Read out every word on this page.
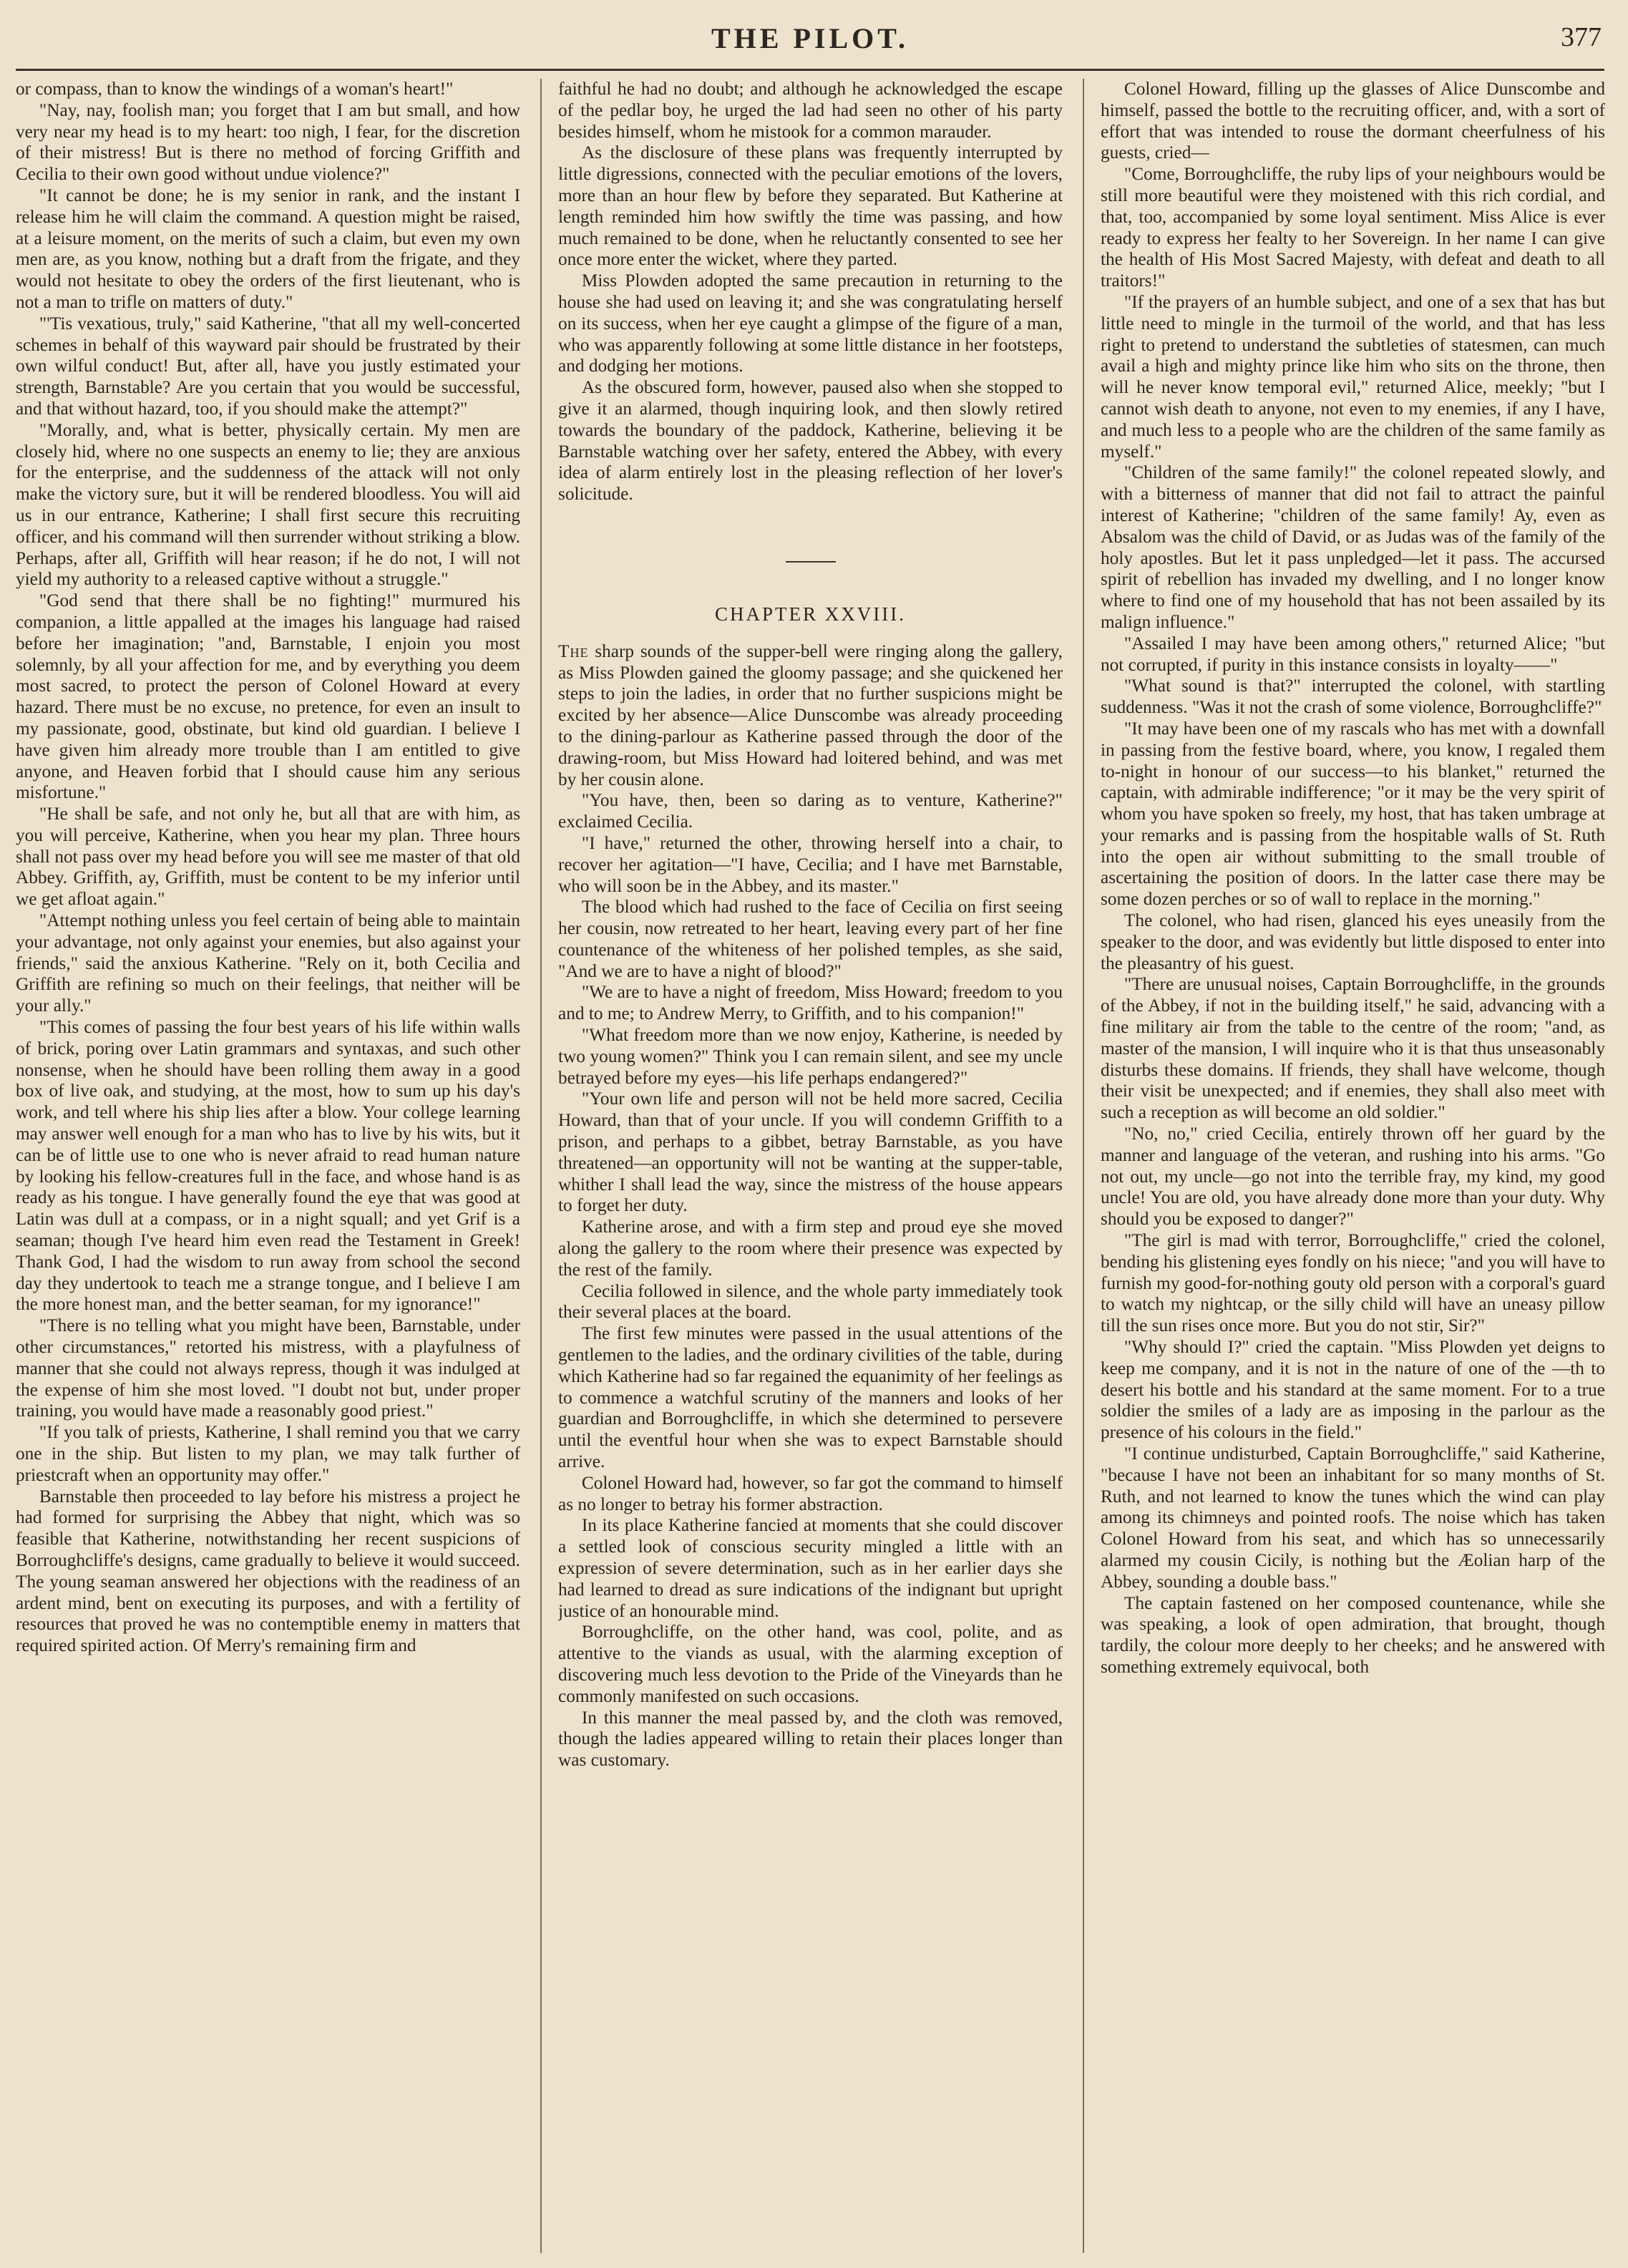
THE PILOT.	377

or compass, than to know the windings of a woman's heart!"

"Nay, nay, foolish man; you forget that I am but small, and how very near my head is to my heart: too nigh, I fear, for the discretion of their mistress! But is there no method of forcing Griffith and Cecilia to their own good without undue violence?"

"It cannot be done; he is my senior in rank, and the instant I release him he will claim the command. A question might be raised, at a leisure moment, on the merits of such a claim, but even my own men are, as you know, nothing but a draft from the frigate, and they would not hesitate to obey the orders of the first lieutenant, who is not a man to trifle on matters of duty."

"'Tis vexatious, truly," said Katherine, "that all my well-concerted schemes in behalf of this wayward pair should be frustrated by their own wilful conduct! But, after all, have you justly estimated your strength, Barnstable? Are you certain that you would be successful, and that without hazard, too, if you should make the attempt?"

"Morally, and, what is better, physically certain. My men are closely hid, where no one suspects an enemy to lie; they are anxious for the enterprise, and the suddenness of the attack will not only make the victory sure, but it will be rendered bloodless. You will aid us in our entrance, Katherine; I shall first secure this recruiting officer, and his command will then surrender without striking a blow. Perhaps, after all, Griffith will hear reason; if he do not, I will not yield my authority to a released captive without a struggle."

"God send that there shall be no fighting!" murmured his companion, a little appalled at the images his language had raised before her imagination; "and, Barnstable, I enjoin you most solemnly, by all your affection for me, and by everything you deem most sacred, to protect the person of Colonel Howard at every hazard. There must be no excuse, no pretence, for even an insult to my passionate, good, obstinate, but kind old guardian. I believe I have given him already more trouble than I am entitled to give anyone, and Heaven forbid that I should cause him any serious misfortune."

"He shall be safe, and not only he, but all that are with him, as you will perceive, Katherine, when you hear my plan. Three hours shall not pass over my head before you will see me master of that old Abbey. Griffith, ay, Griffith, must be content to be my inferior until we get afloat again."

"Attempt nothing unless you feel certain of being able to maintain your advantage, not only against your enemies, but also against your friends," said the anxious Katherine. "Rely on it, both Cecilia and Griffith are refining so much on their feelings, that neither will be your ally."

"This comes of passing the four best years of his life within walls of brick, poring over Latin grammars and syntaxas, and such other nonsense, when he should have been rolling them away in a good box of live oak, and studying, at the most, how to sum up his day's work, and tell where his ship lies after a blow. Your college learning may answer well enough for a man who has to live by his wits, but it can be of little use to one who is never afraid to read human nature by looking his fellow-creatures full in the face, and whose hand is as ready as his tongue. I have generally found the eye that was good at Latin was dull at a compass, or in a night squall; and yet Grif is a seaman; though I've heard him even read the Testament in Greek! Thank God, I had the wisdom to run away from school the second day they undertook to teach me a strange tongue, and I believe I am the more honest man, and the better seaman, for my ignorance!"

"There is no telling what you might have been, Barnstable, under other circumstances," retorted his mistress, with a playfulness of manner that she could not always repress, though it was indulged at the expense of him she most loved. "I doubt not but, under proper training, you would have made a reasonably good priest."

"If you talk of priests, Katherine, I shall remind you that we carry one in the ship. But listen to my plan, we may talk further of priestcraft when an opportunity may offer."

Barnstable then proceeded to lay before his mistress a project he had formed for surprising the Abbey that night, which was so feasible that Katherine, notwithstanding her recent suspicions of Borroughcliffe's designs, came gradually to believe it would succeed. The young seaman answered her objections with the readiness of an ardent mind, bent on executing its purposes, and with a fertility of resources that proved he was no contemptible enemy in matters that required spirited action. Of Merry's remaining firm and

faithful he had no doubt; and although he acknowledged the escape of the pedlar boy, he urged the lad had seen no other of his party besides himself, whom he mistook for a common marauder.

As the disclosure of these plans was frequently interrupted by little digressions, connected with the peculiar emotions of the lovers, more than an hour flew by before they separated. But Katherine at length reminded him how swiftly the time was passing, and how much remained to be done, when he reluctantly consented to see her once more enter the wicket, where they parted.

Miss Plowden adopted the same precaution in returning to the house she had used on leaving it; and she was congratulating herself on its success, when her eye caught a glimpse of the figure of a man, who was apparently following at some little distance in her footsteps, and dodging her motions.

As the obscured form, however, paused also when she stopped to give it an alarmed, though inquiring look, and then slowly retired towards the boundary of the paddock, Katherine, believing it be Barnstable watching over her safety, entered the Abbey, with every idea of alarm entirely lost in the pleasing reflection of her lover's solicitude.

CHAPTER XXVIII.

The sharp sounds of the supper-bell were ringing along the gallery, as Miss Plowden gained the gloomy passage; and she quickened her steps to join the ladies, in order that no further suspicions might be excited by her absence—Alice Dunscombe was already proceeding to the dining-parlour as Katherine passed through the door of the drawing-room, but Miss Howard had loitered behind, and was met by her cousin alone.

"You have, then, been so daring as to venture, Katherine?" exclaimed Cecilia.

"I have," returned the other, throwing herself into a chair, to recover her agitation—"I have, Cecilia; and I have met Barnstable, who will soon be in the Abbey, and its master."

The blood which had rushed to the face of Cecilia on first seeing her cousin, now retreated to her heart, leaving every part of her fine countenance of the whiteness of her polished temples, as she said, "And we are to have a night of blood?"

"We are to have a night of freedom, Miss Howard; freedom to you and to me; to Andrew Merry, to Griffith, and to his companion!"

"What freedom more than we now enjoy, Katherine, is needed by two young women?" Think you I can remain silent, and see my uncle betrayed before my eyes—his life perhaps endangered?"

"Your own life and person will not be held more sacred, Cecilia Howard, than that of your uncle. If you will condemn Griffith to a prison, and perhaps to a gibbet, betray Barnstable, as you have threatened—an opportunity will not be wanting at the supper-table, whither I shall lead the way, since the mistress of the house appears to forget her duty.

Katherine arose, and with a firm step and proud eye she moved along the gallery to the room where their presence was expected by the rest of the family.

Cecilia followed in silence, and the whole party immediately took their several places at the board.

The first few minutes were passed in the usual attentions of the gentlemen to the ladies, and the ordinary civilities of the table, during which Katherine had so far regained the equanimity of her feelings as to commence a watchful scrutiny of the manners and looks of her guardian and Borroughcliffe, in which she determined to persevere until the eventful hour when she was to expect Barnstable should arrive.

Colonel Howard had, however, so far got the command to himself as no longer to betray his former abstraction.

In its place Katherine fancied at moments that she could discover a settled look of conscious security mingled a little with an expression of severe determination, such as in her earlier days she had learned to dread as sure indications of the indignant but upright justice of an honourable mind.

Borroughcliffe, on the other hand, was cool, polite, and as attentive to the viands as usual, with the alarming exception of discovering much less devotion to the Pride of the Vineyards than he commonly manifested on such occasions.

In this manner the meal passed by, and the cloth was removed, though the ladies appeared willing to retain their places longer than was customary.

Colonel Howard, filling up the glasses of Alice Dunscombe and himself, passed the bottle to the recruiting officer, and, with a sort of effort that was intended to rouse the dormant cheerfulness of his guests, cried—

"Come, Borroughcliffe, the ruby lips of your neighbours would be still more beautiful were they moistened with this rich cordial, and that, too, accompanied by some loyal sentiment. Miss Alice is ever ready to express her fealty to her Sovereign. In her name I can give the health of His Most Sacred Majesty, with defeat and death to all traitors!"

"If the prayers of an humble subject, and one of a sex that has but little need to mingle in the turmoil of the world, and that has less right to pretend to understand the subtleties of statesmen, can much avail a high and mighty prince like him who sits on the throne, then will he never know temporal evil," returned Alice, meekly; "but I cannot wish death to anyone, not even to my enemies, if any I have, and much less to a people who are the children of the same family as myself."

"Children of the same family!" the colonel repeated slowly, and with a bitterness of manner that did not fail to attract the painful interest of Katherine; "children of the same family! Ay, even as Absalom was the child of David, or as Judas was of the family of the holy apostles. But let it pass unpledged—let it pass. The accursed spirit of rebellion has invaded my dwelling, and I no longer know where to find one of my household that has not been assailed by its malign influence."

"Assailed I may have been among others," returned Alice; "but not corrupted, if purity in this instance consists in loyalty——"

"What sound is that?" interrupted the colonel, with startling suddenness. "Was it not the crash of some violence, Borroughcliffe?"

"It may have been one of my rascals who has met with a downfall in passing from the festive board, where, you know, I regaled them to-night in honour of our success—to his blanket," returned the captain, with admirable indifference; "or it may be the very spirit of whom you have spoken so freely, my host, that has taken umbrage at your remarks and is passing from the hospitable walls of St. Ruth into the open air without submitting to the small trouble of ascertaining the position of doors. In the latter case there may be some dozen perches or so of wall to replace in the morning."

The colonel, who had risen, glanced his eyes uneasily from the speaker to the door, and was evidently but little disposed to enter into the pleasantry of his guest.

"There are unusual noises, Captain Borroughcliffe, in the grounds of the Abbey, if not in the building itself," he said, advancing with a fine military air from the table to the centre of the room; "and, as master of the mansion, I will inquire who it is that thus unseasonably disturbs these domains. If friends, they shall have welcome, though their visit be unexpected; and if enemies, they shall also meet with such a reception as will become an old soldier."

"No, no," cried Cecilia, entirely thrown off her guard by the manner and language of the veteran, and rushing into his arms. "Go not out, my uncle—go not into the terrible fray, my kind, my good uncle! You are old, you have already done more than your duty. Why should you be exposed to danger?"

"The girl is mad with terror, Borroughcliffe," cried the colonel, bending his glistening eyes fondly on his niece; "and you will have to furnish my good-for-nothing gouty old person with a corporal's guard to watch my nightcap, or the silly child will have an uneasy pillow till the sun rises once more. But you do not stir, Sir?"

"Why should I?" cried the captain. "Miss Plowden yet deigns to keep me company, and it is not in the nature of one of the —th to desert his bottle and his standard at the same moment. For to a true soldier the smiles of a lady are as imposing in the parlour as the presence of his colours in the field."

"I continue undisturbed, Captain Borroughcliffe," said Katherine, "because I have not been an inhabitant for so many months of St. Ruth, and not learned to know the tunes which the wind can play among its chimneys and pointed roofs. The noise which has taken Colonel Howard from his seat, and which has so unnecessarily alarmed my cousin Cicily, is nothing but the Æolian harp of the Abbey, sounding a double bass."

The captain fastened on her composed countenance, while she was speaking, a look of open admiration, that brought, though tardily, the colour more deeply to her cheeks; and he answered with something extremely equivocal, both
